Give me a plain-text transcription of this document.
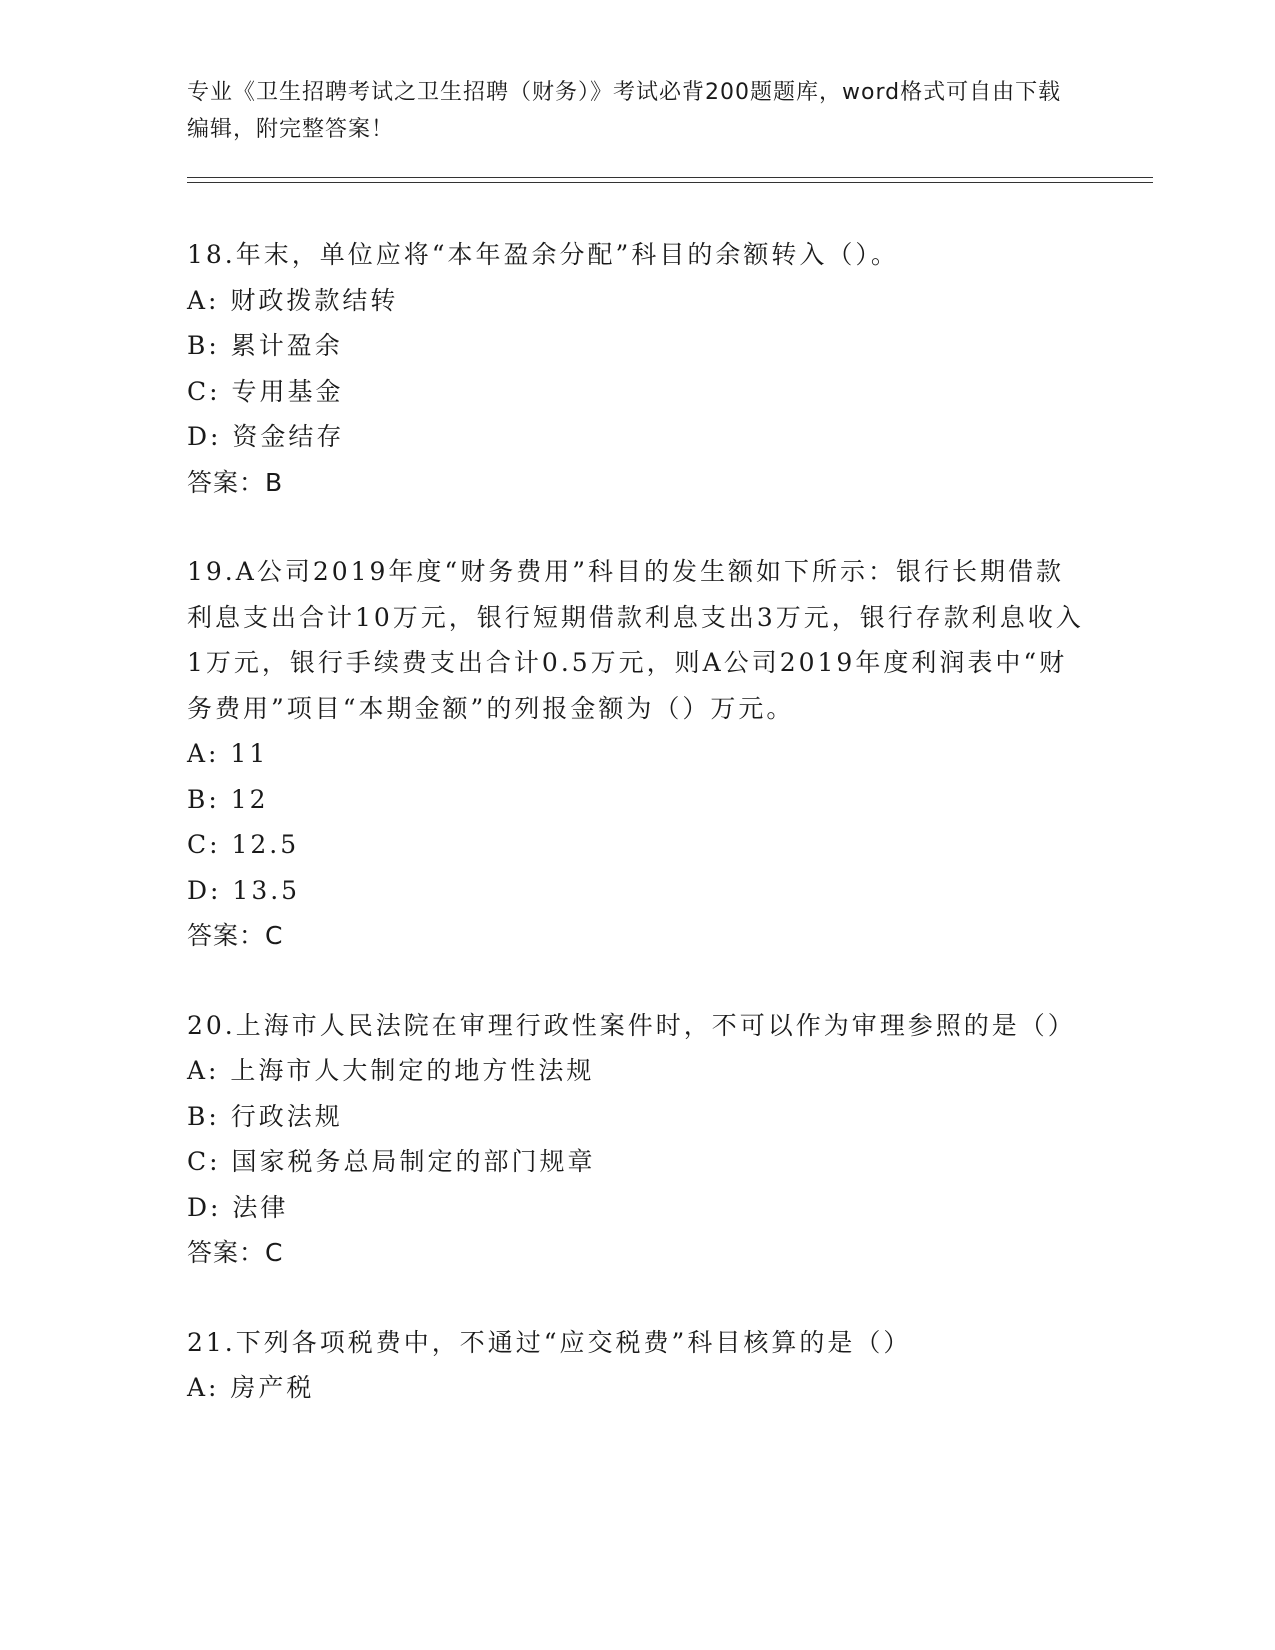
专业《卫生招聘考试之卫生招聘（财务）》考试必背200题题库，word格式可自由下载编辑，附完整答案！
18.年末，单位应将“本年盈余分配”科目的余额转入（）。
A: 财政拨款结转
B: 累计盈余
C: 专用基金
D: 资金结存
答案：B
19.A公司2019年度“财务费用”科目的发生额如下所示：银行长期借款利息支出合计10万元，银行短期借款利息支出3万元，银行存款利息收入1万元，银行手续费支出合计0.5万元，则A公司2019年度利润表中“财务费用”项目“本期金额”的列报金额为（）万元。
A: 11
B: 12
C: 12.5
D: 13.5
答案：C
20.上海市人民法院在审理行政性案件时，不可以作为审理参照的是（）
A: 上海市人大制定的地方性法规
B: 行政法规
C: 国家税务总局制定的部门规章
D: 法律
答案：C
21.下列各项税费中，不通过“应交税费”科目核算的是（）
A: 房产税
